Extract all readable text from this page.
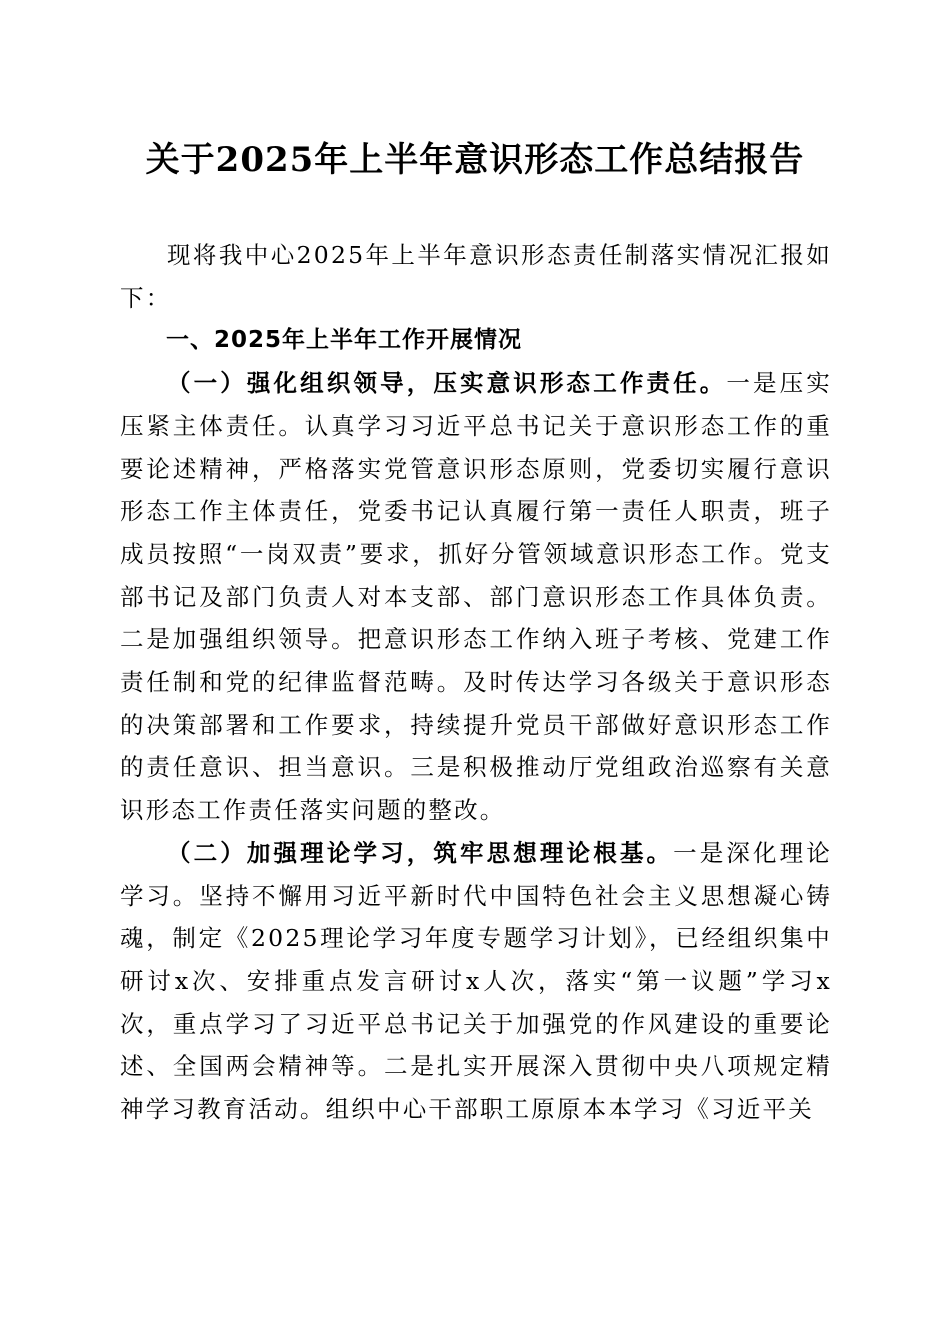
关于2025年上半年意识形态工作总结报告

现将我中心2025年上半年意识形态责任制落实情况汇报如下：

一、2025年上半年工作开展情况

（一）强化组织领导，压实意识形态工作责任。一是压实压紧主体责任。认真学习习近平总书记关于意识形态工作的重要论述精神，严格落实党管意识形态原则，党委切实履行意识形态工作主体责任，党委书记认真履行第一责任人职责，班子成员按照“一岗双责”要求，抓好分管领域意识形态工作。党支部书记及部门负责人对本支部、部门意识形态工作具体负责。二是加强组织领导。把意识形态工作纳入班子考核、党建工作责任制和党的纪律监督范畴。及时传达学习各级关于意识形态的决策部署和工作要求，持续提升党员干部做好意识形态工作的责任意识、担当意识。三是积极推动厅党组政治巡察有关意识形态工作责任落实问题的整改。

（二）加强理论学习，筑牢思想理论根基。一是深化理论学习。坚持不懈用习近平新时代中国特色社会主义思想凝心铸魂，制定《2025理论学习年度专题学习计划》，已经组织集中研讨x次、安排重点发言研讨x人次，落实“第一议题”学习x次，重点学习了习近平总书记关于加强党的作风建设的重要论述、全国两会精神等。二是扎实开展深入贯彻中央八项规定精神学习教育活动。组织中心干部职工原原本本学习《习近平关
